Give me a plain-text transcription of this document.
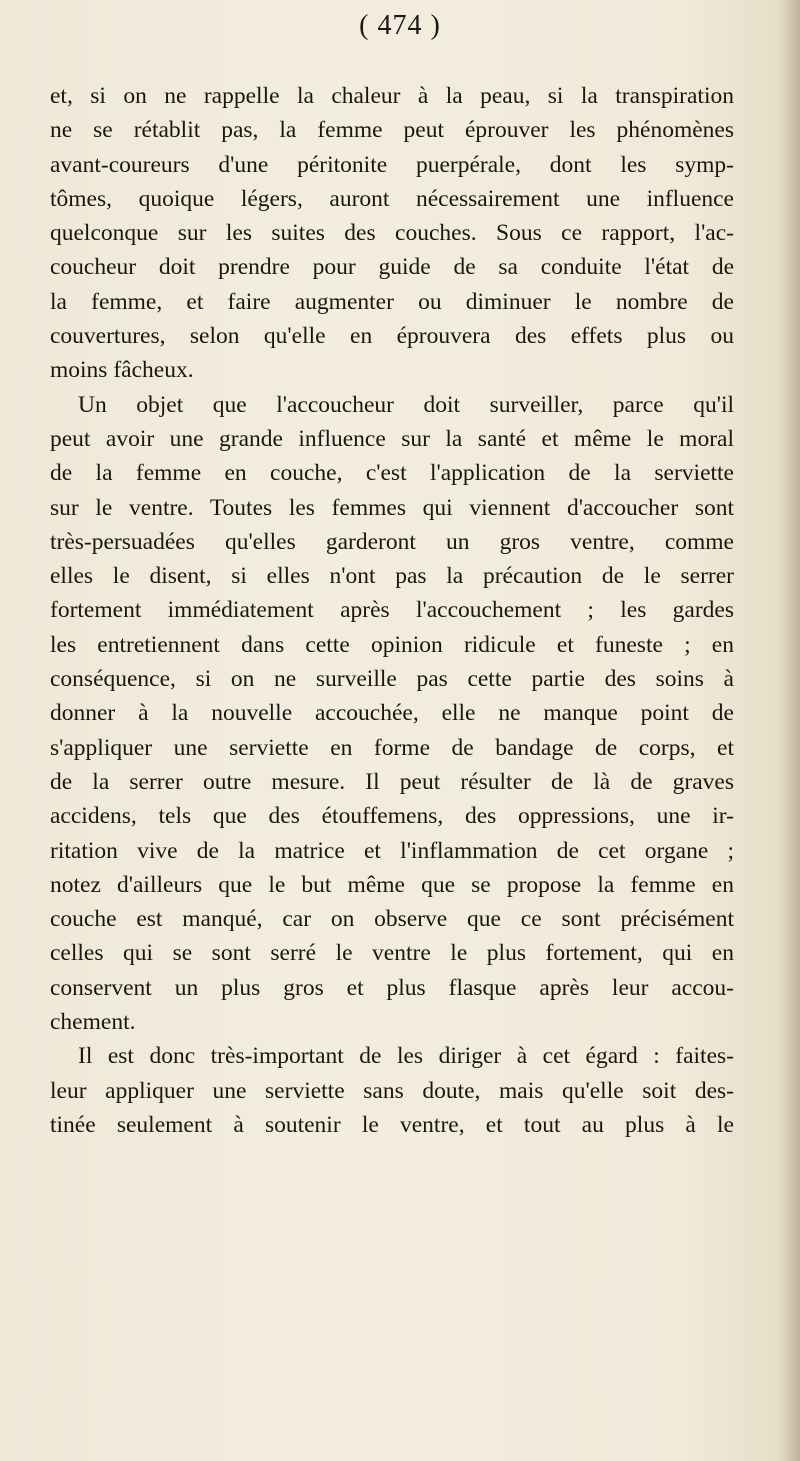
( 474 )
et, si on ne rappelle la chaleur à la peau, si la transpiration
ne se rétablit pas, la femme peut éprouver les phénomènes
avant-coureurs d'une péritonite puerpérale, dont les symp-
tômes, quoique légers, auront nécessairement une influence
quelconque sur les suites des couches. Sous ce rapport, l'ac-
coucheur doit prendre pour guide de sa conduite l'état de
la femme, et faire augmenter ou diminuer le nombre de
couvertures, selon qu'elle en éprouvera des effets plus ou
moins fâcheux.
Un objet que l'accoucheur doit surveiller, parce qu'il
peut avoir une grande influence sur la santé et même le moral
de la femme en couche, c'est l'application de la serviette
sur le ventre. Toutes les femmes qui viennent d'accoucher sont
très-persuadées qu'elles garderont un gros ventre, comme
elles le disent, si elles n'ont pas la précaution de le serrer
fortement immédiatement après l'accouchement ; les gardes
les entretiennent dans cette opinion ridicule et funeste ; en
conséquence, si on ne surveille pas cette partie des soins à
donner à la nouvelle accouchée, elle ne manque point de
s'appliquer une serviette en forme de bandage de corps, et
de la serrer outre mesure. Il peut résulter de là de graves
accidens, tels que des étouffemens, des oppressions, une ir-
ritation vive de la matrice et l'inflammation de cet organe ;
notez d'ailleurs que le but même que se propose la femme en
couche est manqué, car on observe que ce sont précisément
celles qui se sont serré le ventre le plus fortement, qui en
conservent un plus gros et plus flasque après leur accou-
chement.
Il est donc très-important de les diriger à cet égard : faites-
leur appliquer une serviette sans doute, mais qu'elle soit des-
tinée seulement à soutenir le ventre, et tout au plus à le
